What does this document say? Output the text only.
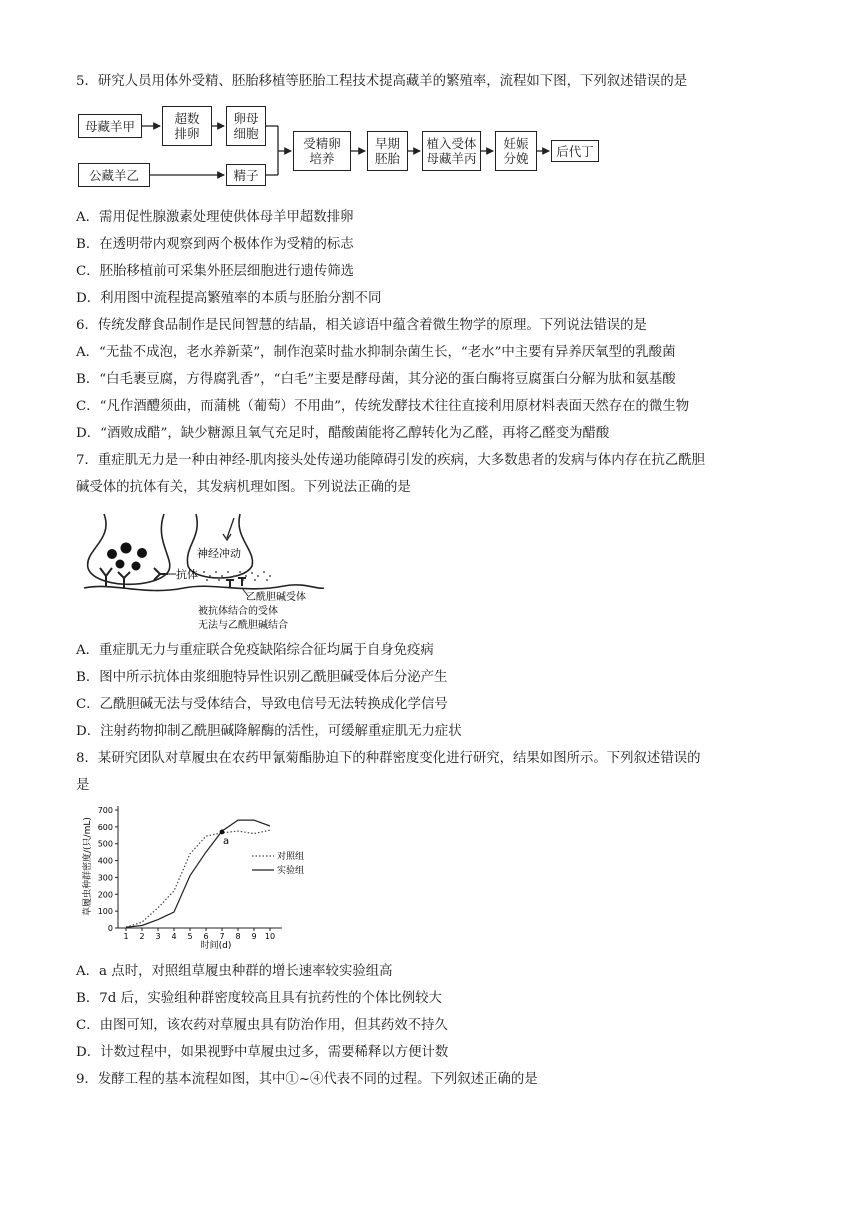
5．研究人员用体外受精、胚胎移植等胚胎工程技术提高藏羊的繁殖率，流程如下图，下列叙述错误的是
母藏羊甲	超数
排卵
卵母
细胞
公藏羊乙	精子
受精卵
培养
早期
胚胎
植入受体
母藏羊丙
妊娠
分娩	后代丁
A．需用促性腺激素处理使供体母羊甲超数排卵
B．在透明带内观察到两个极体作为受精的标志
C．胚胎移植前可采集外胚层细胞进行遗传筛选
D．利用图中流程提高繁殖率的本质与胚胎分割不同
6．传统发酵食品制作是民间智慧的结晶，相关谚语中蕴含着微生物学的原理。下列说法错误的是
A．“无盐不成泡，老水养新菜”，制作泡菜时盐水抑制杂菌生长，“老水”中主要有异养厌氧型的乳酸菌
B．“白毛裹豆腐，方得腐乳香”，“白毛”主要是酵母菌，其分泌的蛋白酶将豆腐蛋白分解为肽和氨基酸
C．“凡作酒醴须曲，而蒲桃（葡萄）不用曲”，传统发酵技术往往直接利用原材料表面天然存在的微生物
D．“酒败成醋”，缺少糖源且氧气充足时，醋酸菌能将乙醇转化为乙醛，再将乙醛变为醋酸
7．重症肌无力是一种由神经-肌肉接头处传递功能障碍引发的疾病，大多数患者的发病与体内存在抗乙酰胆
碱受体的抗体有关，其发病机理如图。下列说法正确的是
神经冲动
抗体
乙酰胆碱受体
被抗体结合的受体
无法与乙酰胆碱结合
A．重症肌无力与重症联合免疫缺陷综合征均属于自身免疫病
B．图中所示抗体由浆细胞特异性识别乙酰胆碱受体后分泌产生
C．乙酰胆碱无法与受体结合，导致电信号无法转换成化学信号
D．注射药物抑制乙酰胆碱降解酶的活性，可缓解重症肌无力症状
8．某研究团队对草履虫在农药甲氰菊酯胁迫下的种群密度变化进行研究，结果如图所示。下列叙述错误的
是
草履虫种群密度/(只/mL)
时间(d)
0
100
200
300
400
500
600
700
1 2 3 4 5 6 7 8 9 10
a
对照组
实验组
A．a 点时，对照组草履虫种群的增长速率较实验组高
B．7d 后，实验组种群密度较高且具有抗药性的个体比例较大
C．由图可知，该农药对草履虫具有防治作用，但其药效不持久
D．计数过程中，如果视野中草履虫过多，需要稀释以方便计数
9．发酵工程的基本流程如图，其中①~④代表不同的过程。下列叙述正确的是
